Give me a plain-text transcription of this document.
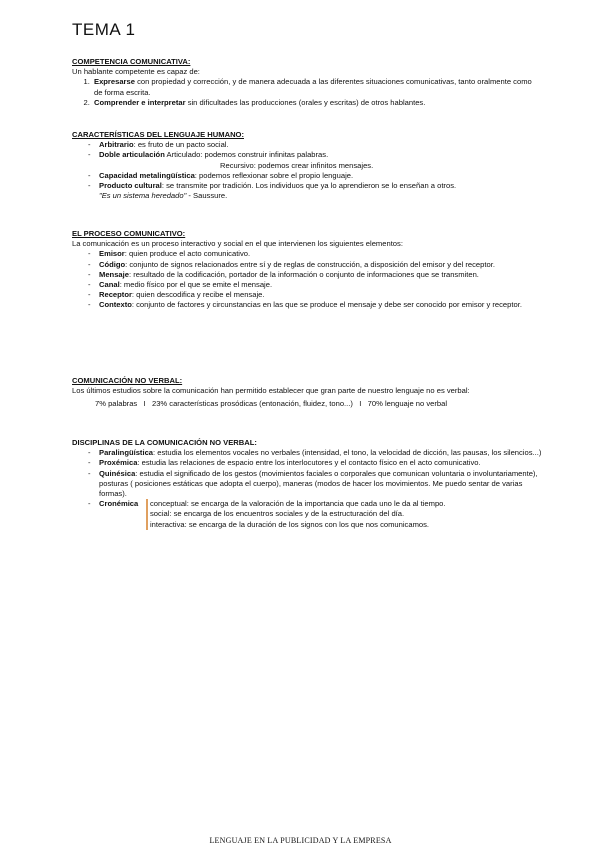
TEMA 1
COMPETENCIA COMUNICATIVA:
Un hablante competente es capaz de:
1. Expresarse con propiedad y corrección, y de manera adecuada a las diferentes situaciones comunicativas, tanto oralmente como de forma escrita.
2. Comprender e interpretar sin dificultades las producciones (orales y escritas) de otros hablantes.
CARACTERÍSTICAS DEL LENGUAJE HUMANO:
- Arbitrario: es fruto de un pacto social.
- Doble articulación Articulado: podemos construir infinitas palabras.
Recursivo: podemos crear infinitos mensajes.
- Capacidad metalingüística: podemos reflexionar sobre el propio lenguaje.
- Producto cultural: se transmite por tradición. Los individuos que ya lo aprendieron se lo enseñan a otros.
"Es un sistema heredado" - Saussure.
EL PROCESO COMUNICATIVO:
La comunicación es un proceso interactivo y social en el que intervienen los siguientes elementos:
- Emisor: quien produce el acto comunicativo.
- Código: conjunto de signos relacionados entre sí y de reglas de construcción, a disposición del emisor y del receptor.
- Mensaje: resultado de la codificación, portador de la información o conjunto de informaciones que se transmiten.
- Canal: medio físico por el que se emite el mensaje.
- Receptor: quien descodifica y recibe el mensaje.
- Contexto: conjunto de factores y circunstancias en las que se produce el mensaje y debe ser conocido por emisor y receptor.
COMUNICACIÓN NO VERBAL:
Los últimos estudios sobre la comunicación han permitido establecer que gran parte de nuestro lenguaje no es verbal:
7% palabras   I   23% características prosódicas (entonación, fluidez, tono...)   I   70% lenguaje no verbal
DISCIPLINAS DE LA COMUNICACIÓN NO VERBAL:
- Paralingüística: estudia los elementos vocales no verbales (intensidad, el tono, la velocidad de dicción, las pausas, los silencios...)
- Proxémica: estudia las relaciones de espacio entre los interlocutores y el contacto físico en el acto comunicativo.
- Quinésica: estudia el significado de los gestos (movimientos faciales o corporales que comunican voluntaria o involuntariamente), posturas ( posiciones estáticas que adopta el cuerpo), maneras (modos de hacer los movimientos. Me puedo sentar de varias formas).
- Cronémica	conceptual: se encarga de la valoración de la importancia que cada uno le da al tiempo.
social: se encarga de los encuentros sociales y de la estructuración del día.
interactiva: se encarga de la duración de los signos con los que nos comunicamos.
LENGUAJE EN LA PUBLICIDAD Y LA EMPRESA
